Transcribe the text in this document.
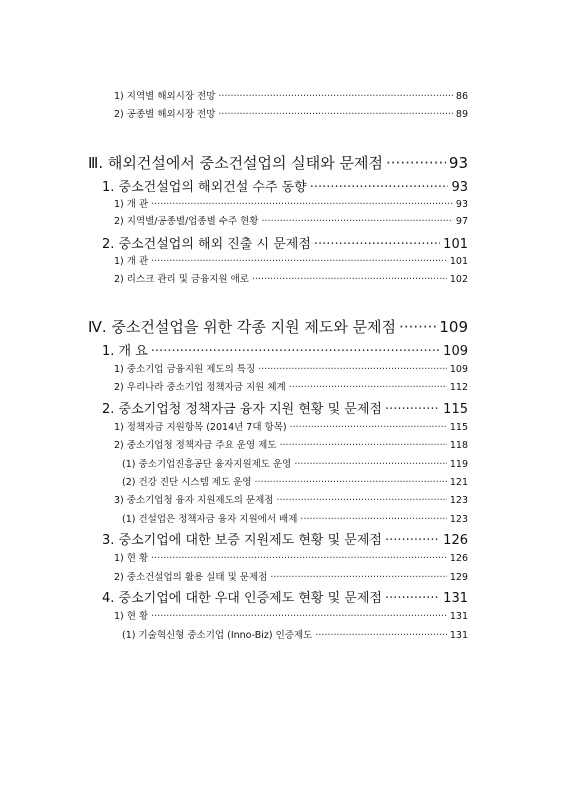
1) 지역별 해외시장 전망 ·····	86
2) 공종별 해외시장 전망 ·····	89
Ⅲ. 해외건설에서 중소건설업의 실태와 문제점 ·····	93
1. 중소건설업의 해외건설 수주 동향 ·····	93
1) 개 관 ·····	93
2) 지역별/공종별/업종별 수주 현황 ·····	97
2. 중소건설업의 해외 진출 시 문제점 ·····	101
1) 개 관 ·····	101
2) 리스크 관리 및 금융지원 애로 ·····	102
Ⅳ. 중소건설업을 위한 각종 지원 제도와 문제점 ·····	109
1. 개 요 ·····	109
1) 중소기업 금융지원 제도의 특징 ·····	109
2) 우리나라 중소기업 정책자금 지원 체계 ·····	112
2. 중소기업청 정책자금 융자 지원 현황 및 문제점 ·····	115
1) 정책자금 지원항목 (2014년 7대 항목) ·····	115
2) 중소기업청 정책자금 주요 운영 제도 ·····	118
(1) 중소기업진흥공단 융자지원제도 운영 ·····	119
(2) 건강 진단 시스템 제도 운영 ·····	121
3) 중소기업청 융자 지원제도의 문제점 ·····	123
(1) 건설업은 정책자금 융자 지원에서 배제 ·····	123
3. 중소기업에 대한 보증 지원제도 현황 및 문제점 ·····	126
1) 현 황 ·····	126
2) 중소건설업의 활용 실태 및 문제점 ·····	129
4. 중소기업에 대한 우대 인증제도 현황 및 문제점 ·····	131
1) 현 황 ·····	131
(1) 기술혁신형 중소기업 (Inno-Biz) 인증제도 ·····	131
